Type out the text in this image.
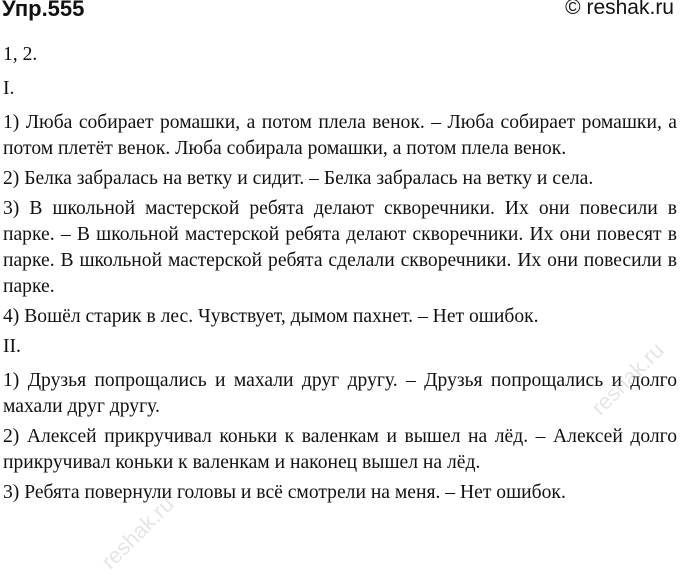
Упр.555	© reshak.ru

1, 2.

I.

1) Люба собирает ромашки, а потом плела венок. – Люба собирает ромашки, а потом плетёт венок. Люба собирала ромашки, а потом плела венок.

2) Белка забралась на ветку и сидит. – Белка забралась на ветку и села.

3) В школьной мастерской ребята делают скворечники. Их они повесили в парке. – В школьной мастерской ребята делают скворечники. Их они повесят в парке. В школьной мастерской ребята сделали скворечники. Их они повесили в парке.

4) Вошёл старик в лес. Чувствует, дымом пахнет. – Нет ошибок.

II.

1) Друзья попрощались и махали друг другу. – Друзья попрощались и долго махали друг другу.

2) Алексей прикручивал коньки к валенкам и вышел на лёд. – Алексей долго прикручивал коньки к валенкам и наконец вышел на лёд.

3) Ребята повернули головы и всё смотрели на меня. – Нет ошибок.

reshak.ru
reshak.ru
